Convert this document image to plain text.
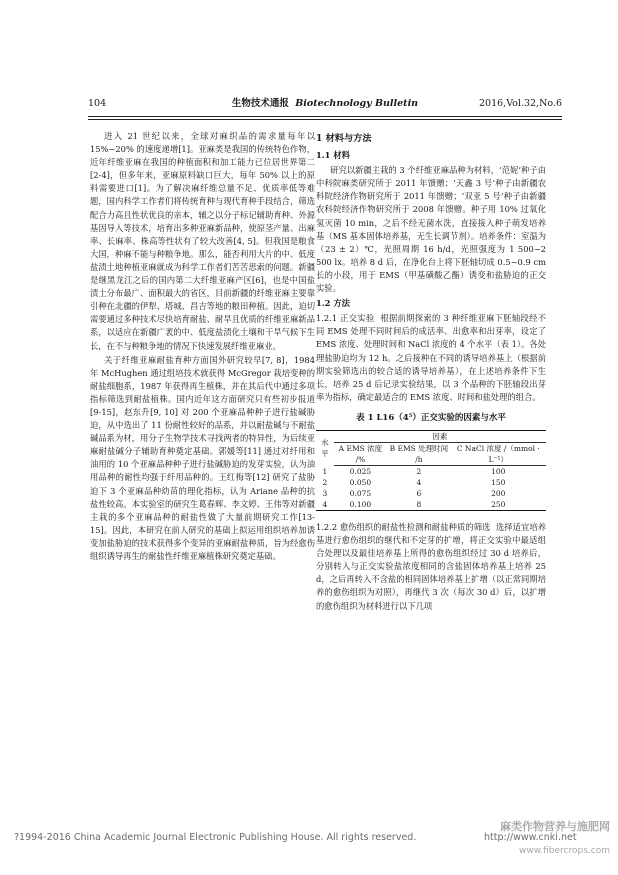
104	生物技术通报 Biotechnology Bulletin	2016,Vol.32,No.6

进入 21 世纪以来，全球对麻织品的需求量每年以 15%~20% 的速度递增[1]。亚麻类是我国的传统特色作物，近年纤维亚麻在我国的种植面积和加工能力已位居世界第二[2-4]，但多年来，亚麻原料缺口巨大，每年 50% 以上的原料需要进口[1]。为了解决麻纤维总量不足、优质率低等难题，国内科学工作者们将传统育种与现代育种手段结合，筛选配合力高且性状优良的亲本，辅之以分子标记辅助育种、外源基因导入等技术，培育出多种亚麻新品种，使原茎产量、出麻率、长麻率、株高等性状有了较大改善[4, 5]。但我国是粮食大国，种麻不能与种粮争地。那么，能否利用大片的中、低度盐渍土地种植亚麻就成为科学工作者们苦苦思索的问题。新疆是继黑龙江之后的国内第二大纤维亚麻产区[6]，也是中国盐渍土分布最广、面积最大的省区，目前新疆的纤维亚麻主要靠引种在北疆的伊犁、塔城、昌吉等地的粮田种植。因此，迫切需要通过多种技术尽快培育耐盐、耐旱且优质的纤维亚麻新品系，以适应在新疆广袤的中、低度盐渍化土壤和干旱气候下生长，在不与种粮争地的情况下快速发展纤维亚麻业。

关于纤维亚麻耐盐育种方面国外研究较早[7, 8]，1984 年 McHughen 通过组培技术就获得 McGregor 栽培变种的耐盐细胞系，1987 年获得再生植株，并在其后代中通过多项指标筛选到耐盐植株。国内近年这方面研究只有些初步报道[9-15]，赵东升[9, 10] 对 200 个亚麻品种种子进行盐碱胁迫，从中选出了 11 份耐性较好的品系，并以耐盐碱与不耐盐碱品系为材，用分子生物学技术寻找两者的特异性，为后续亚麻耐盐碱分子辅助育种奠定基础。郭媛等[11] 通过对纤用和油用的 10 个亚麻品种种子进行盐碱胁迫的发芽实验，认为油用品种的耐性均强于纤用品种的。王红梅等[12] 研究了盐胁迫下 3 个亚麻品种幼苗的理化指标，认为 Ariane 品种的抗盐性较高。本实验室的研究生葛春辉、李文婷、王伟等对新疆主栽的多个亚麻品种的耐盐性做了大量前期研究工作[13-15]。因此，本研究在前人研究的基础上拟运用组织培养加诱变加盐胁迫的技术获得多个变异的亚麻耐盐种质，旨为经愈伤组织诱导再生的耐盐性纤维亚麻植株研究奠定基础。

1 材料与方法
1.1 材料

研究以新疆主栽的 3 个纤维亚麻品种为材料，‘范妮’种子由中科院麻类研究所于 2011 年馈赠；‘天鑫 3 号’种子由新疆农科院经济作物研究所于 2011 年馈赠；‘双亚 5 号’种子由新疆农科院经济作物研究所于 2008 年馈赠。种子用 10% 过氧化氢灭菌 10 min，之后不经无菌水洗，直接接入种子萌发培养基（MS 基本固体培养基，无生长调节剂）。培养条件：室温为（23 ± 2）℃，光照周期 16 h/d，光照强度为 1 500~2 500 lx。培养 8 d 后，在净化台上将下胚轴切成 0.5~0.9 cm 长的小段，用于 EMS（甲基磺酸乙酯）诱变和盐胁迫的正交实验。

1.2 方法

1.2.1 正交实验 根据前期探索的 3 种纤维亚麻下胚轴段经不同 EMS 处理不同时间后的成活率、出愈率和出芽率，设定了 EMS 浓度、处理时间和 NaCl 浓度的 4 个水平（表 1）。各处理盐胁迫均为 12 h。之后接种在不同的诱导培养基上（根据前期实验筛选出的较合适的诱导培养基），在上述培养条件下生长，培养 25 d 后记录实验结果，以 3 个品种的下胚轴段出芽率为指标，确定最适合的 EMS 浓度、时间和盐处理的组合。

表 1 L16（4⁵）正交实验的因素与水平
水平	因素		
	A EMS 浓度 /%	B EMS 处理时间 /h	C NaCl 浓度 /（mmol · L⁻¹）
1	0.025	2	100
2	0.050	4	150
3	0.075	6	200
4	0.100	8	250

1.2.2 愈伤组织的耐盐性检测和耐盐种质的筛选 选择适宜培养基进行愈伤组织的继代和不定芽的扩增，将正交实验中最适组合处理以及最佳培养基上所得的愈伤组织经过 30 d 培养后，分别转入与正交实验盐浓度相同的含盐固体培养基上培养 25 d，之后再转入不含盐的相同固体培养基上扩增（以正常同期培养的愈伤组织为对照），再继代 3 次（每次 30 d）后，以扩增的愈伤组织为材料进行以下几项

?1994-2016 China Academic Journal Electronic Publishing House. All rights reserved.	http://www.cnki.net
麻类作物营养与施肥网
www.fibercrops.com
